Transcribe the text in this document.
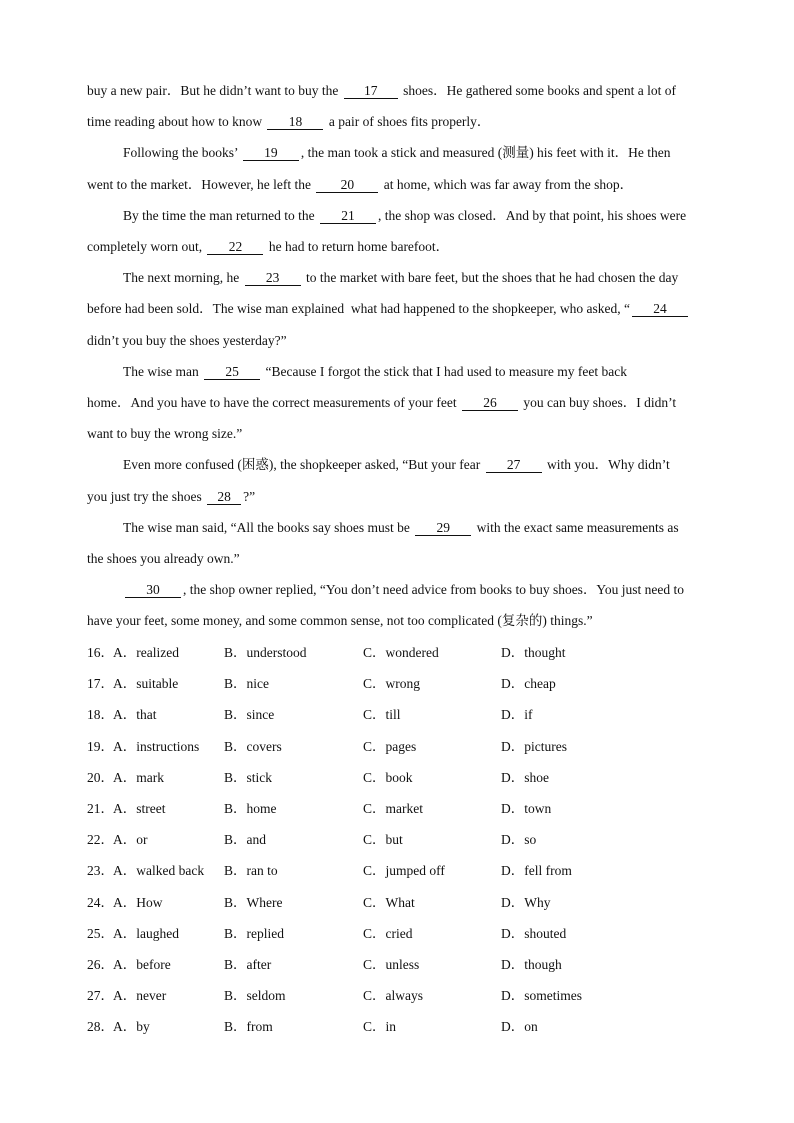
buy a new pair．But he didn’t want to buy the 17 shoes．He gathered some books and spent a lot of
time reading about how to know 18 a pair of shoes fits properly．
Following the books’ 19 , the man took a stick and measured (测量) his feet with it．He then
went to the market．However, he left the 20 at home, which was far away from the shop．
By the time the man returned to the 21 , the shop was closed．And by that point, his shoes were
completely worn out, 22 he had to return home barefoot．
The next morning, he 23 to the market with bare feet, but the shoes that he had chosen the day
before had been sold．The wise man explained  what had happened to the shopkeeper, who asked, “ 24
didn’t you buy the shoes yesterday?”
The wise man 25 “Because I forgot the stick that I had used to measure my feet back
home．And you have to have the correct measurements of your feet 26 you can buy shoes．I didn’t
want to buy the wrong size.”
Even more confused (困惑), the shopkeeper asked, “But your fear 27 with you．Why didn’t
you just try the shoes 28 ?”
The wise man said, “All the books say shoes must be 29 with the exact same measurements as
the shoes you already own.”
30 , the shop owner replied, “You don’t need advice from books to buy shoes．You just need to
have your feet, some money, and some common sense, not too complicated (复杂的) things.”
16． A．realized	B．understood	C．wondered	D．thought
17． A．suitable	B．nice	C．wrong	D．cheap
18． A．that	B．since	C．till	D．if
19． A．instructions B．covers	C．pages	D．pictures
20． A．mark	B．stick	C．book	D．shoe
21． A．street	B．home	C．market	D．town
22． A．or	B．and	C．but	D．so
23． A．walked back B．ran to	C．jumped off	D．fell from
24． A．How	B．Where	C．What	D．Why
25． A．laughed	B．replied	C．cried	D．shouted
26． A．before	B．after	C．unless	D．though
27． A．never	B．seldom	C．always	D．sometimes
28． A．by	B．from	C．in	D．on
